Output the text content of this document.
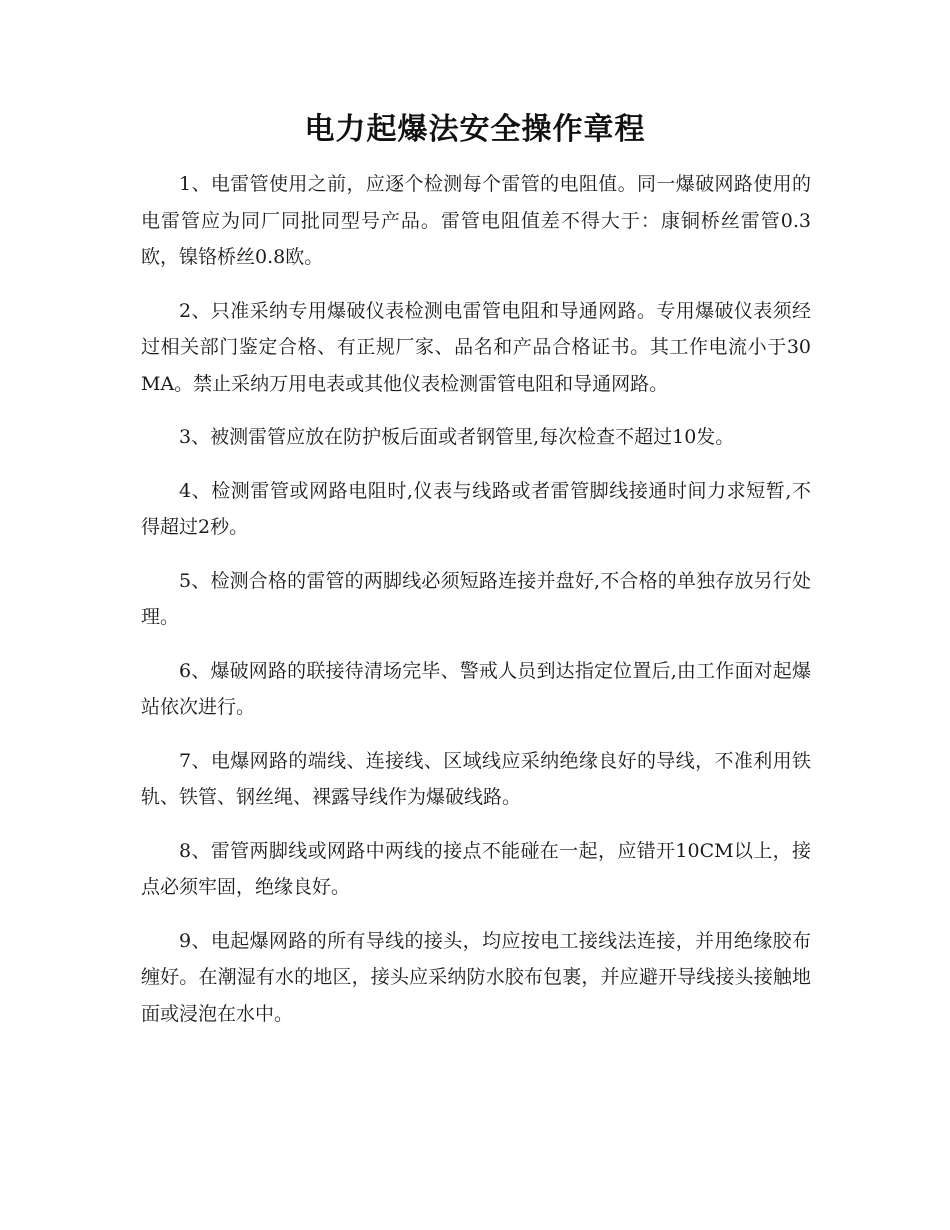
电力起爆法安全操作章程

1、电雷管使用之前，应逐个检测每个雷管的电阻值。同一爆破网路使用的电雷管应为同厂同批同型号产品。雷管电阻值差不得大于：康铜桥丝雷管0.3欧，镍铬桥丝0.8欧。

2、只准采纳专用爆破仪表检测电雷管电阻和导通网路。专用爆破仪表须经过相关部门鉴定合格、有正规厂家、品名和产品合格证书。其工作电流小于30MA。禁止采纳万用电表或其他仪表检测雷管电阻和导通网路。

3、被测雷管应放在防护板后面或者钢管里,每次检查不超过10发。

4、检测雷管或网路电阻时,仪表与线路或者雷管脚线接通时间力求短暂,不得超过2秒。

5、检测合格的雷管的两脚线必须短路连接并盘好,不合格的单独存放另行处理。

6、爆破网路的联接待清场完毕、警戒人员到达指定位置后,由工作面对起爆站依次进行。

7、电爆网路的端线、连接线、区域线应采纳绝缘良好的导线，不准利用铁轨、铁管、钢丝绳、裸露导线作为爆破线路。

8、雷管两脚线或网路中两线的接点不能碰在一起，应错开10CM以上，接点必须牢固，绝缘良好。

9、电起爆网路的所有导线的接头，均应按电工接线法连接，并用绝缘胶布缠好。在潮湿有水的地区，接头应采纳防水胶布包裹，并应避开导线接头接触地面或浸泡在水中。
